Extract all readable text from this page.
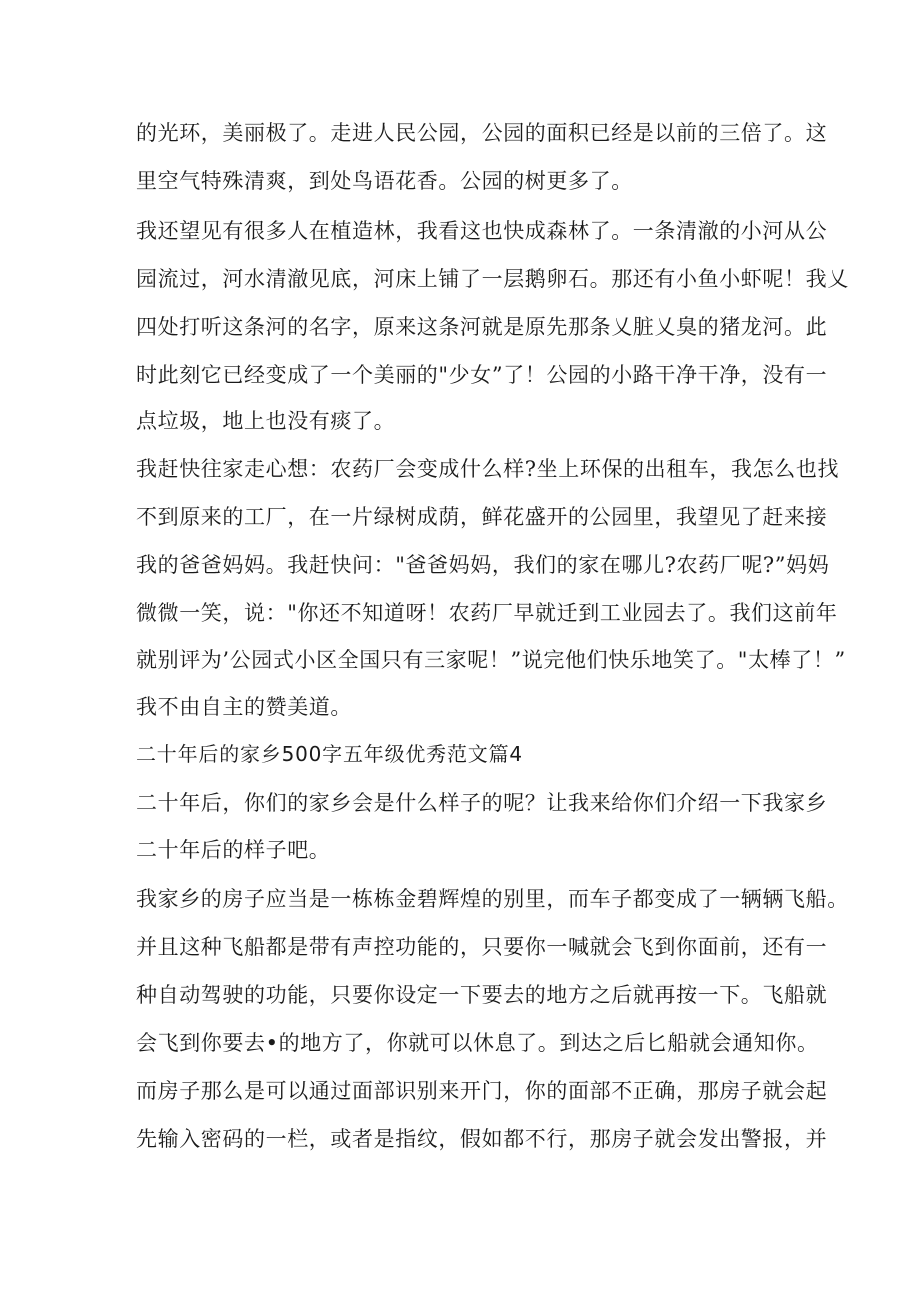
的光环，美丽极了。走进人民公园，公园的面积已经是以前的三倍了。这
里空气特殊清爽，到处鸟语花香。公园的树更多了。
我还望见有很多人在植造林，我看这也快成森林了。一条清澈的小河从公
园流过，河水清澈见底，河床上铺了一层鹅卵石。那还有小鱼小虾呢！我乂
四处打听这条河的名字，原来这条河就是原先那条乂脏乂臭的猪龙河。此
时此刻它已经变成了一个美丽的"少女”了！公园的小路干净干净，没有一
点垃圾，地上也没有痰了。
我赶快往家走心想：农药厂会变成什么样?坐上环保的出租车，我怎么也找
不到原来的工厂，在一片绿树成荫，鲜花盛开的公园里，我望见了赶来接
我的爸爸妈妈。我赶快问："爸爸妈妈，我们的家在哪儿?农药厂呢?”妈妈
微微一笑，说："你还不知道呀！农药厂早就迁到工业园去了。我们这前年
就别评为’公园式小区全国只有三家呢！”说完他们快乐地笑了。"太棒了！”
我不由自主的赞美道。
二十年后的家乡500字五年级优秀范文篇4
二十年后，你们的家乡会是什么样子的呢？让我来给你们介绍一下我家乡
二十年后的样子吧。
我家乡的房子应当是一栋栋金碧辉煌的别里，而车子都变成了一辆辆飞船。
并且这种飞船都是带有声控功能的，只要你一喊就会飞到你面前，还有一
种自动驾驶的功能，只要你设定一下要去的地方之后就再按一下。飞船就
会飞到你要去•的地方了，你就可以休息了。到达之后匕船就会通知你。
而房子那么是可以通过面部识别来开门，你的面部不正确，那房子就会起
先输入密码的一栏，或者是指纹，假如都不行，那房子就会发出警报，并
